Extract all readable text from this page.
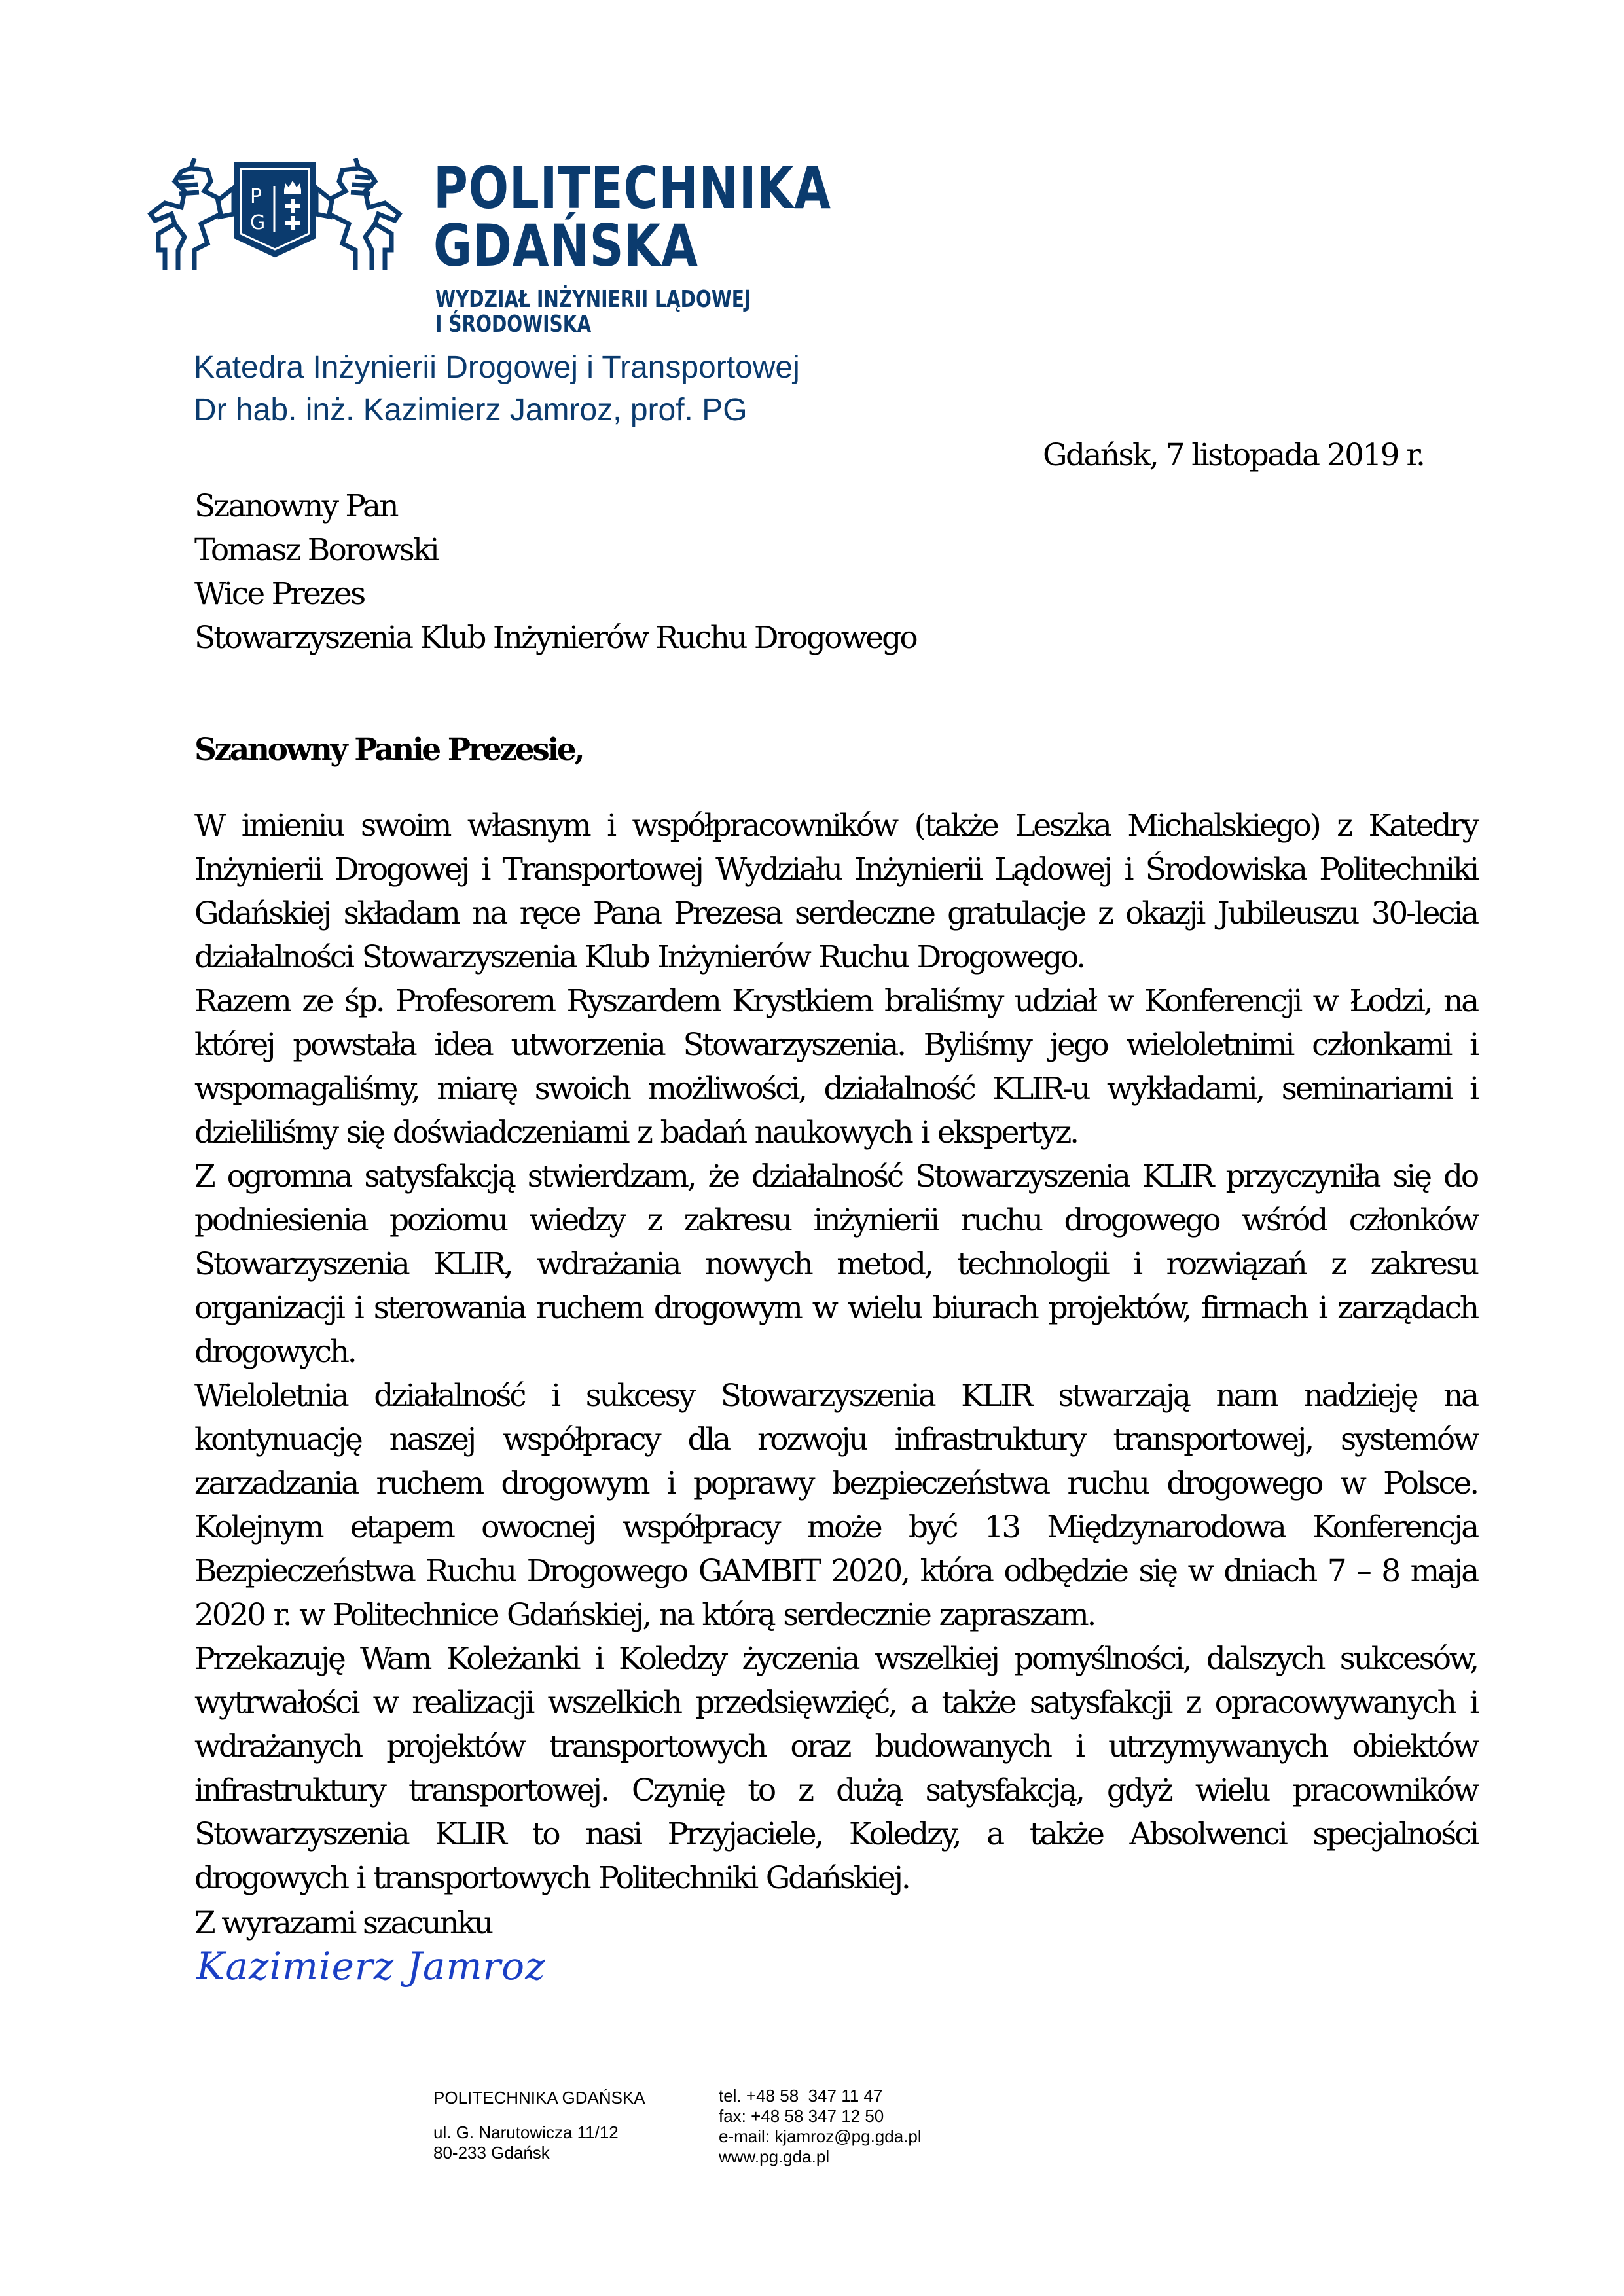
P
G
POLITECHNIKA
GDAŃSKA
WYDZIAŁ INŻYNIERII LĄDOWEJ
I ŚRODOWISKA
Katedra Inżynierii Drogowej i Transportowej
Dr hab. inż. Kazimierz Jamroz, prof. PG
Gdańsk, 7 listopada 2019 r.
Szanowny Pan
Tomasz Borowski
Wice Prezes
Stowarzyszenia Klub Inżynierów Ruchu Drogowego
Szanowny Panie Prezesie,
W imieniu swoim własnym i współpracowników (także Leszka Michalskiego) z Katedry
Inżynierii Drogowej i Transportowej Wydziału Inżynierii Lądowej i Środowiska Politechniki
Gdańskiej składam na ręce Pana Prezesa serdeczne gratulacje z okazji Jubileuszu 30-lecia
działalności Stowarzyszenia Klub Inżynierów Ruchu Drogowego.
Razem ze śp. Profesorem Ryszardem Krystkiem braliśmy udział w Konferencji w Łodzi, na
której powstała idea utworzenia Stowarzyszenia. Byliśmy jego wieloletnimi członkami i
wspomagaliśmy, miarę swoich możliwości, działalność KLIR-u wykładami, seminariami i
dzieliliśmy się doświadczeniami z badań naukowych i ekspertyz.
Z ogromna satysfakcją stwierdzam, że działalność Stowarzyszenia KLIR przyczyniła się do
podniesienia poziomu wiedzy z zakresu inżynierii ruchu drogowego wśród członków
Stowarzyszenia KLIR, wdrażania nowych metod, technologii i rozwiązań z zakresu
organizacji i sterowania ruchem drogowym w wielu biurach projektów, firmach i zarządach
drogowych.
Wieloletnia działalność i sukcesy Stowarzyszenia KLIR stwarzają nam nadzieję na
kontynuację naszej współpracy dla rozwoju infrastruktury transportowej, systemów
zarzadzania ruchem drogowym i poprawy bezpieczeństwa ruchu drogowego w Polsce.
Kolejnym etapem owocnej współpracy może być 13 Międzynarodowa Konferencja
Bezpieczeństwa Ruchu Drogowego GAMBIT 2020, która odbędzie się w dniach 7 – 8 maja
2020 r. w Politechnice Gdańskiej, na którą serdecznie zapraszam.
Przekazuję Wam Koleżanki i Koledzy życzenia wszelkiej pomyślności, dalszych sukcesów,
wytrwałości w realizacji wszelkich przedsięwzięć, a także satysfakcji z opracowywanych i
wdrażanych projektów transportowych oraz budowanych i utrzymywanych obiektów
infrastruktury transportowej. Czynię to z dużą satysfakcją, gdyż wielu pracowników
Stowarzyszenia KLIR to nasi Przyjaciele, Koledzy, a także Absolwenci specjalności
drogowych i transportowych Politechniki Gdańskiej.
Z wyrazami szacunku
Kazimierz Jamroz
POLITECHNIKA GDAŃSKA
ul. G. Narutowicza 11/12
80-233 Gdańsk
tel. +48 58  347 11 47
fax: +48 58 347 12 50
e-mail: kjamroz@pg.gda.pl
www.pg.gda.pl
